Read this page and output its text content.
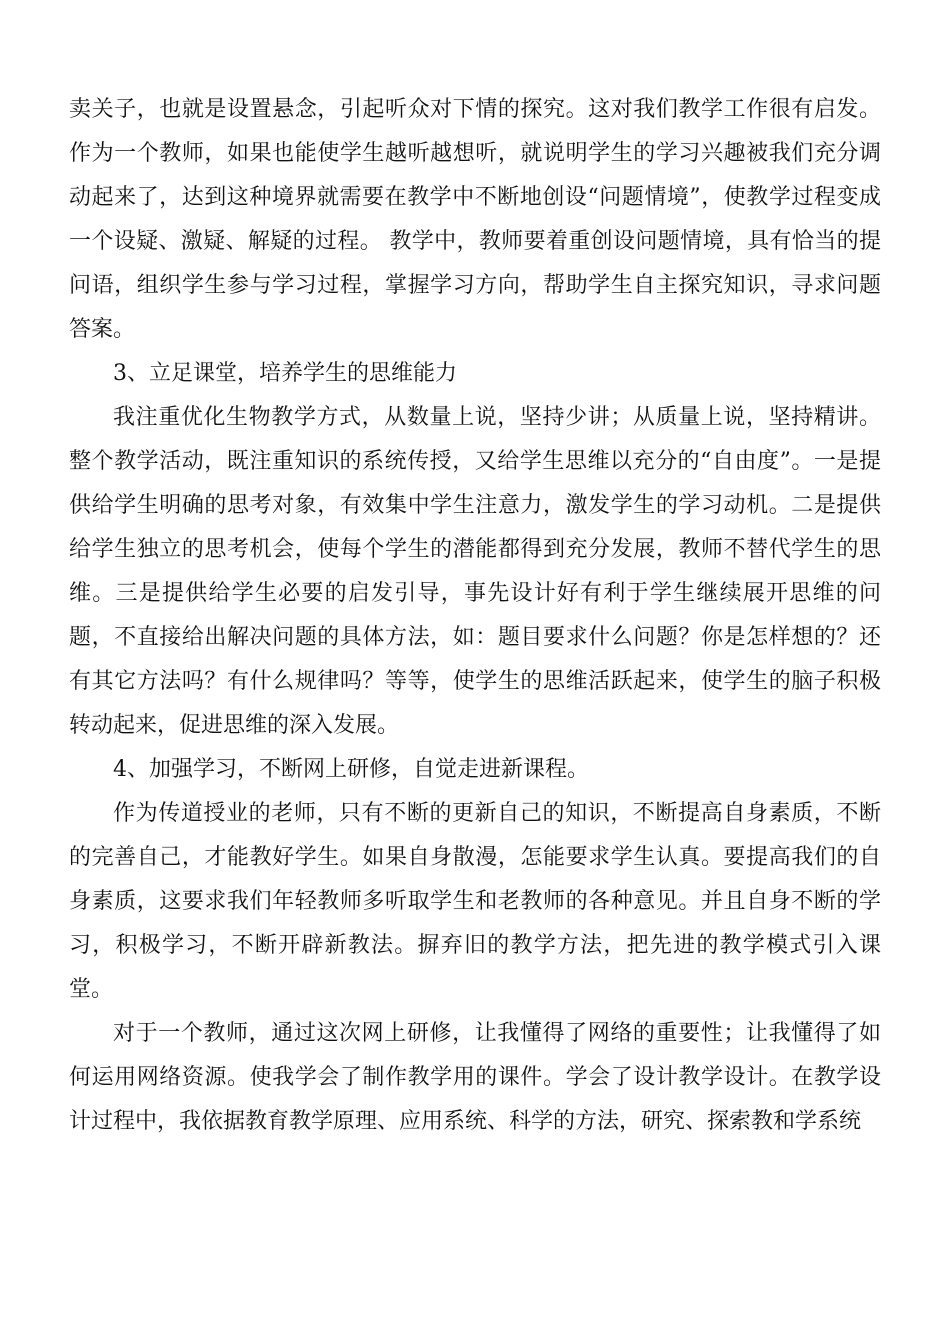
卖关子，也就是设置悬念，引起听众对下情的探究。这对我们教学工作很有启发。作为一个教师，如果也能使学生越听越想听，就说明学生的学习兴趣被我们充分调动起来了，达到这种境界就需要在教学中不断地创设“问题情境”，使教学过程变成一个设疑、激疑、解疑的过程。 教学中，教师要着重创设问题情境，具有恰当的提问语，组织学生参与学习过程，掌握学习方向，帮助学生自主探究知识，寻求问题答案。

3、立足课堂，培养学生的思维能力

我注重优化生物教学方式，从数量上说，坚持少讲；从质量上说，坚持精讲。整个教学活动，既注重知识的系统传授，又给学生思维以充分的“自由度”。一是提供给学生明确的思考对象，有效集中学生注意力，激发学生的学习动机。二是提供给学生独立的思考机会，使每个学生的潜能都得到充分发展，教师不替代学生的思维。三是提供给学生必要的启发引导，事先设计好有利于学生继续展开思维的问题，不直接给出解决问题的具体方法，如：题目要求什么问题？你是怎样想的？还有其它方法吗？有什么规律吗？等等，使学生的思维活跃起来，使学生的脑子积极转动起来，促进思维的深入发展。

4、加强学习，不断网上研修，自觉走进新课程。

作为传道授业的老师，只有不断的更新自己的知识，不断提高自身素质，不断的完善自己，才能教好学生。如果自身散漫，怎能要求学生认真。要提高我们的自身素质，这要求我们年轻教师多听取学生和老教师的各种意见。并且自身不断的学习，积极学习，不断开辟新教法。摒弃旧的教学方法，把先进的教学模式引入课堂。

对于一个教师，通过这次网上研修，让我懂得了网络的重要性；让我懂得了如何运用网络资源。使我学会了制作教学用的课件。学会了设计教学设计。在教学设计过程中，我依据教育教学原理、应用系统、科学的方法，研究、探索教和学系统
